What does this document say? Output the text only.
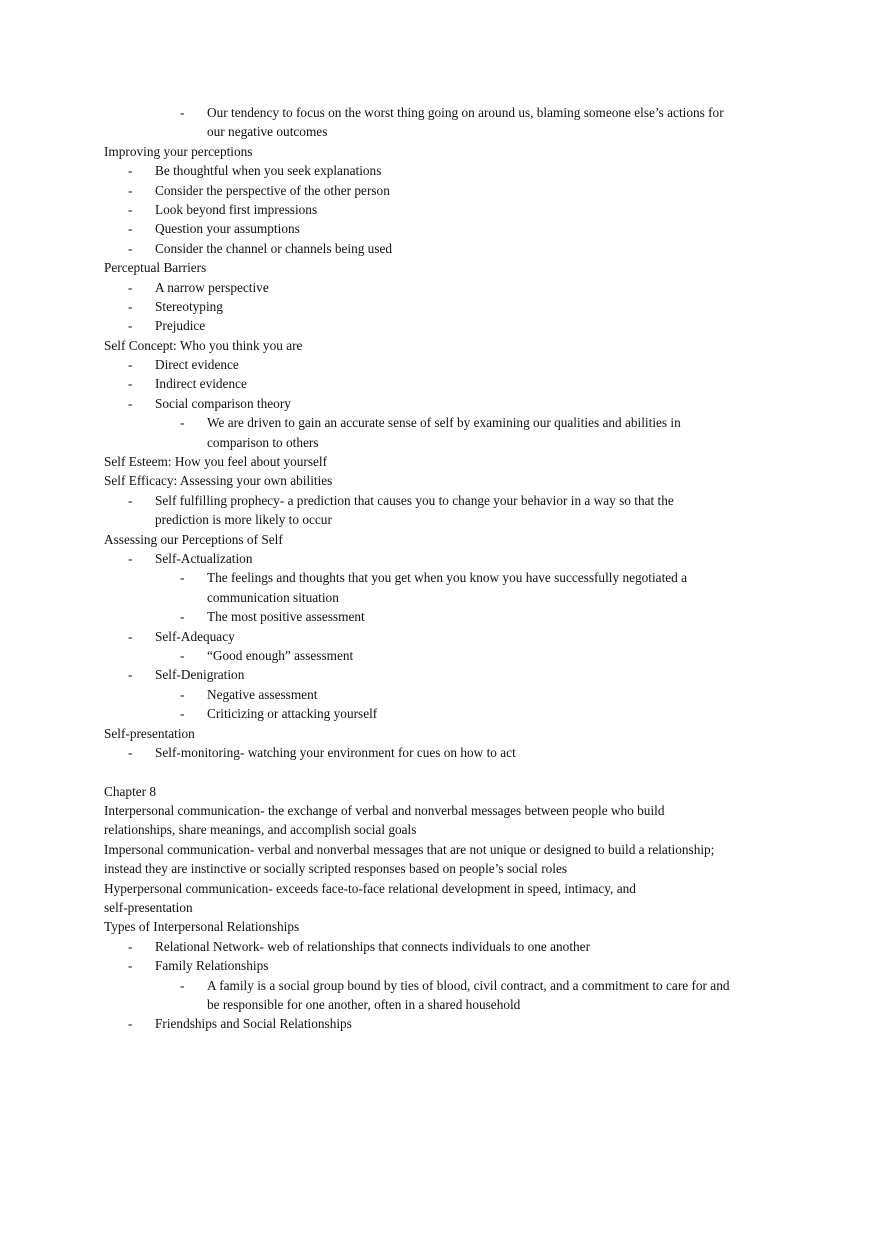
- Our tendency to focus on the worst thing going on around us, blaming someone else’s actions for
our negative outcomes
Improving your perceptions
- Be thoughtful when you seek explanations
- Consider the perspective of the other person
- Look beyond first impressions
- Question your assumptions
- Consider the channel or channels being used
Perceptual Barriers
- A narrow perspective
- Stereotyping
- Prejudice
Self Concept: Who you think you are
- Direct evidence
- Indirect evidence
- Social comparison theory
- We are driven to gain an accurate sense of self by examining our qualities and abilities in
comparison to others
Self Esteem: How you feel about yourself
Self Efficacy: Assessing your own abilities
- Self fulfilling prophecy- a prediction that causes you to change your behavior in a way so that the
prediction is more likely to occur
Assessing our Perceptions of Self
- Self-Actualization
- The feelings and thoughts that you get when you know you have successfully negotiated a
communication situation
- The most positive assessment
- Self-Adequacy
- “Good enough” assessment
- Self-Denigration
- Negative assessment
- Criticizing or attacking yourself
Self-presentation
- Self-monitoring- watching your environment for cues on how to act
Chapter 8
Interpersonal communication- the exchange of verbal and nonverbal messages between people who build
relationships, share meanings, and accomplish social goals
Impersonal communication- verbal and nonverbal messages that are not unique or designed to build a relationship;
instead they are instinctive or socially scripted responses based on people’s social roles
Hyperpersonal communication- exceeds face-to-face relational development in speed, intimacy, and
self-presentation
Types of Interpersonal Relationships
- Relational Network- web of relationships that connects individuals to one another
- Family Relationships
- A family is a social group bound by ties of blood, civil contract, and a commitment to care for and
be responsible for one another, often in a shared household
- Friendships and Social Relationships
